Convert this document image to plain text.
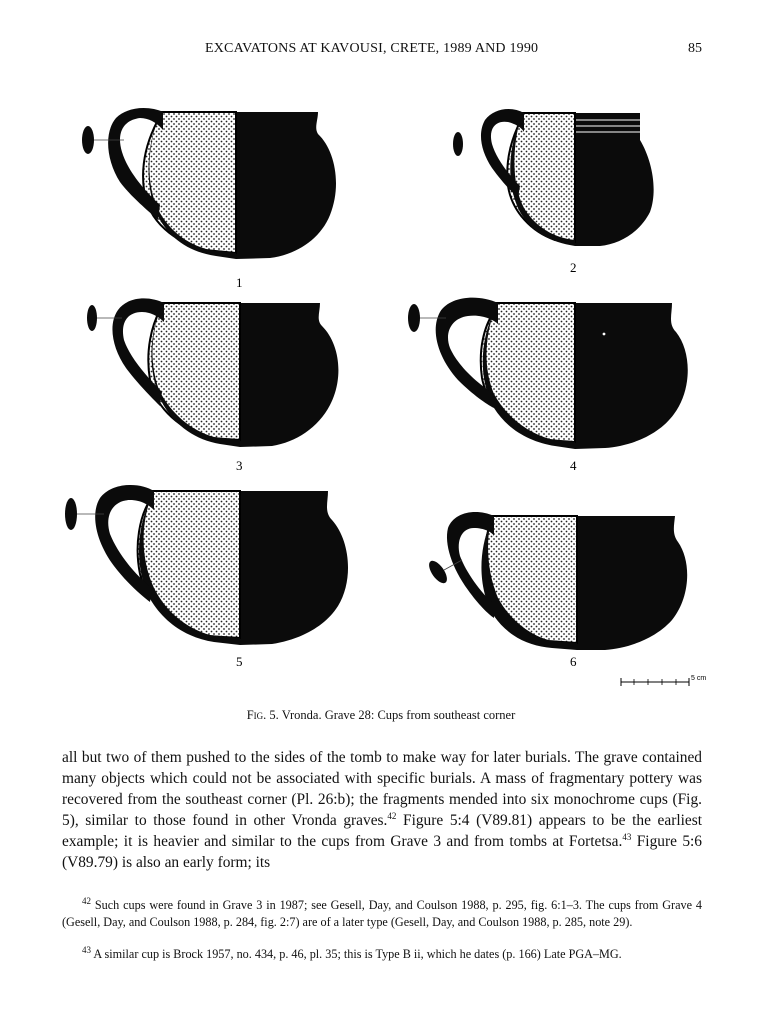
EXCAVATONS AT KAVOUSI, CRETE, 1989 AND 1990	85
1
2
3	4
5	6
5 cm
Fig. 5. Vronda. Grave 28: Cups from southeast corner

all but two of them pushed to the sides of the tomb to make way for later burials. The grave contained many objects which could not be associated with specific burials. A mass of fragmentary pottery was recovered from the southeast corner (Pl. 26:b); the fragments mended into six monochrome cups (Fig. 5), similar to those found in other Vronda graves.$^{42}$ Figure 5:4 (V89.81) appears to be the earliest example; it is heavier and similar to the cups from Grave 3 and from tombs at Fortetsa.$^{43}$ Figure 5:6 (V89.79) is also an early form; its

$^{42}$ Such cups were found in Grave 3 in 1987; see Gesell, Day, and Coulson 1988, p. 295, fig. 6:1–3. The cups from Grave 4 (Gesell, Day, and Coulson 1988, p. 284, fig. 2:7) are of a later type (Gesell, Day, and Coulson 1988, p. 285, note 29).
$^{43}$ A similar cup is Brock 1957, no. 434, p. 46, pl. 35; this is Type B ii, which he dates (p. 166) Late PGA–MG.
